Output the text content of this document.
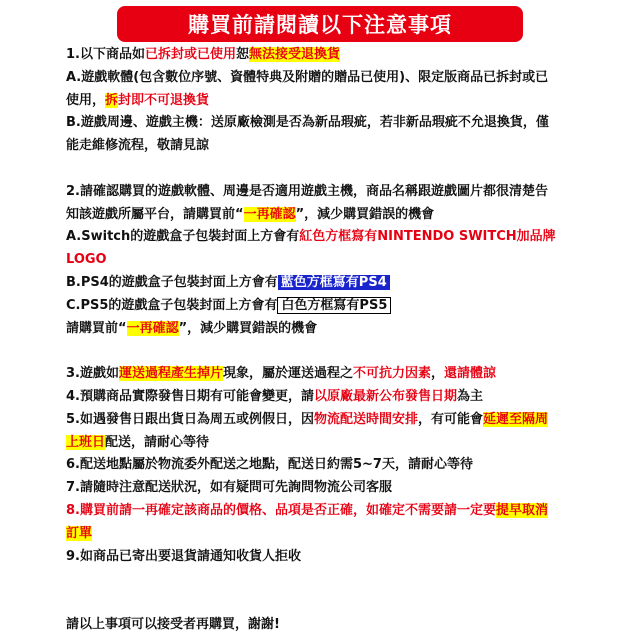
購買前請閱讀以下注意事項
1.以下商品如已拆封或已使用恕無法接受退換貨
A.遊戲軟體(包含數位序號、資體特典及附贈的贈品已使用)、限定版商品已拆封或已
使用，拆封即不可退換貨
B.遊戲周邊、遊戲主機：送原廠檢測是否為新品瑕疵，若非新品瑕疵不允退換貨，僅
能走維修流程，敬請見諒
2.請確認購買的遊戲軟體、周邊是否適用遊戲主機，商品名稱跟遊戲圖片都很清楚告
知該遊戲所屬平台，請購買前“一再確認”，減少購買錯誤的機會
A.Switch的遊戲盒子包裝封面上方會有紅色方框寫有NINTENDO SWITCH加品牌
LOGO
B.PS4的遊戲盒子包裝封面上方會有 藍色方框寫有PS4
C.PS5的遊戲盒子包裝封面上方會有 白色方框寫有PS5
請購買前“一再確認”，減少購買錯誤的機會
3.遊戲如運送過程產生掉片現象，屬於運送過程之不可抗力因素，還請體諒
4.預購商品實際發售日期有可能會變更，請以原廠最新公布發售日期為主
5.如遇發售日跟出貨日為周五或例假日，因物流配送時間安排，有可能會延遲至隔周
上班日配送，請耐心等待
6.配送地點屬於物流委外配送之地點，配送日約需5~7天，請耐心等待
7.請隨時注意配送狀況，如有疑問可先詢問物流公司客服
8.購買前請一再確定該商品的價格、品項是否正確，如確定不需要請一定要提早取消
訂單
9.如商品已寄出要退貨請通知收貨人拒收
請以上事項可以接受者再購買，謝謝!
